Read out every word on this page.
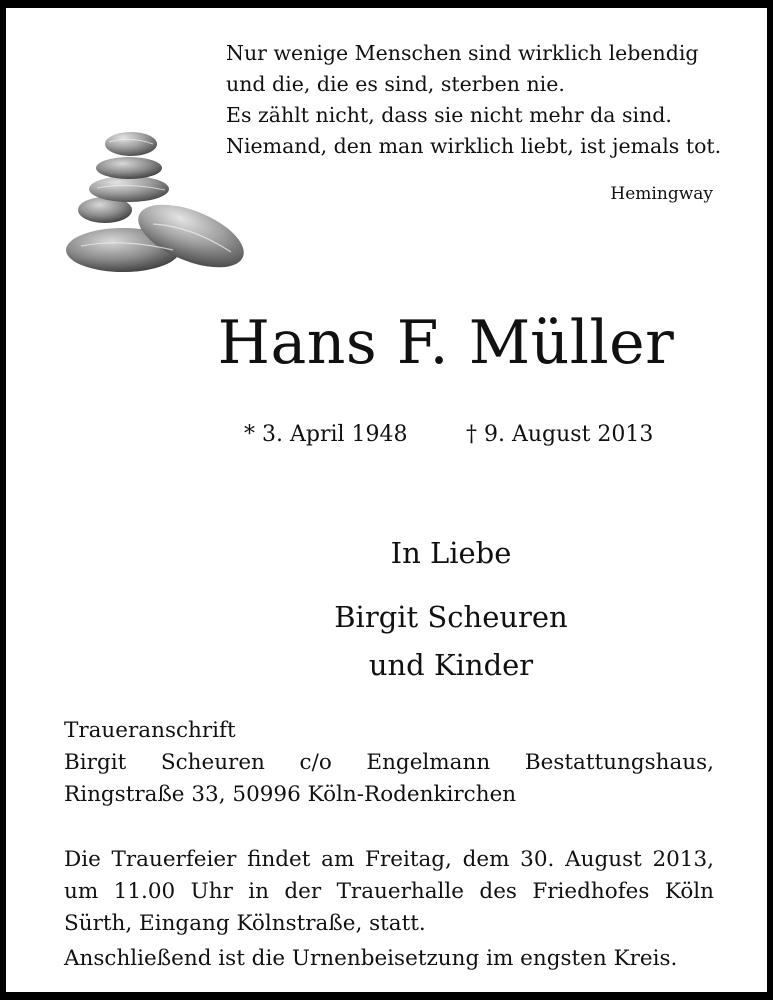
Nur wenige Menschen sind wirklich lebendig
und die, die es sind, sterben nie.
Es zählt nicht, dass sie nicht mehr da sind.
Niemand, den man wirklich liebt, ist jemals tot.
Hemingway
Hans F. Müller
* 3. April 1948	† 9. August 2013
In Liebe
Birgit Scheuren
und Kinder
Traueranschrift
Birgit Scheuren c/o Engelmann Bestattungshaus,
Ringstraße 33, 50996 Köln-Rodenkirchen
Die Trauerfeier findet am Freitag, dem 30. August 2013,
um 11.00 Uhr in der Trauerhalle des Friedhofes Köln
Sürth, Eingang Kölnstraße, statt.
Anschließend ist die Urnenbeisetzung im engsten Kreis.
